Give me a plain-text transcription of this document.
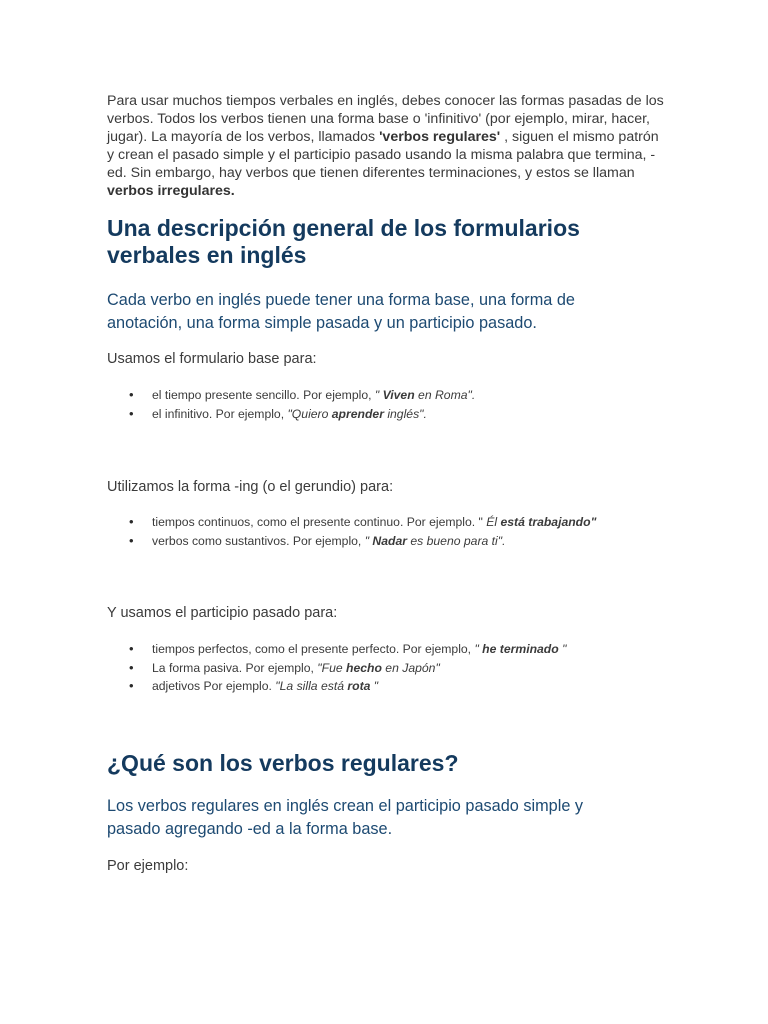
Para usar muchos tiempos verbales en inglés, debes conocer las formas pasadas de los verbos. Todos los verbos tienen una forma base o 'infinitivo' (por ejemplo, mirar, hacer, jugar). La mayoría de los verbos, llamados 'verbos regulares' , siguen el mismo patrón y crean el pasado simple y el participio pasado usando la misma palabra que termina, -ed. Sin embargo, hay verbos que tienen diferentes terminaciones, y estos se llaman verbos irregulares.

Una descripción general de los formularios verbales en inglés

Cada verbo en inglés puede tener una forma base, una forma de anotación, una forma simple pasada y un participio pasado.

Usamos el formulario base para:

• el tiempo presente sencillo. Por ejemplo, " Viven en Roma".
• el infinitivo. Por ejemplo, "Quiero aprender inglés".

Utilizamos la forma -ing (o el gerundio) para:

• tiempos continuos, como el presente continuo. Por ejemplo. " Él está trabajando"
• verbos como sustantivos. Por ejemplo, " Nadar es bueno para ti".

Y usamos el participio pasado para:

• tiempos perfectos, como el presente perfecto. Por ejemplo, " he terminado "
• La forma pasiva. Por ejemplo, "Fue hecho en Japón"
• adjetivos Por ejemplo. "La silla está rota "
¿Qué son los verbos regulares?

Los verbos regulares en inglés crean el participio pasado simple y pasado agregando -ed a la forma base.

Por ejemplo:
